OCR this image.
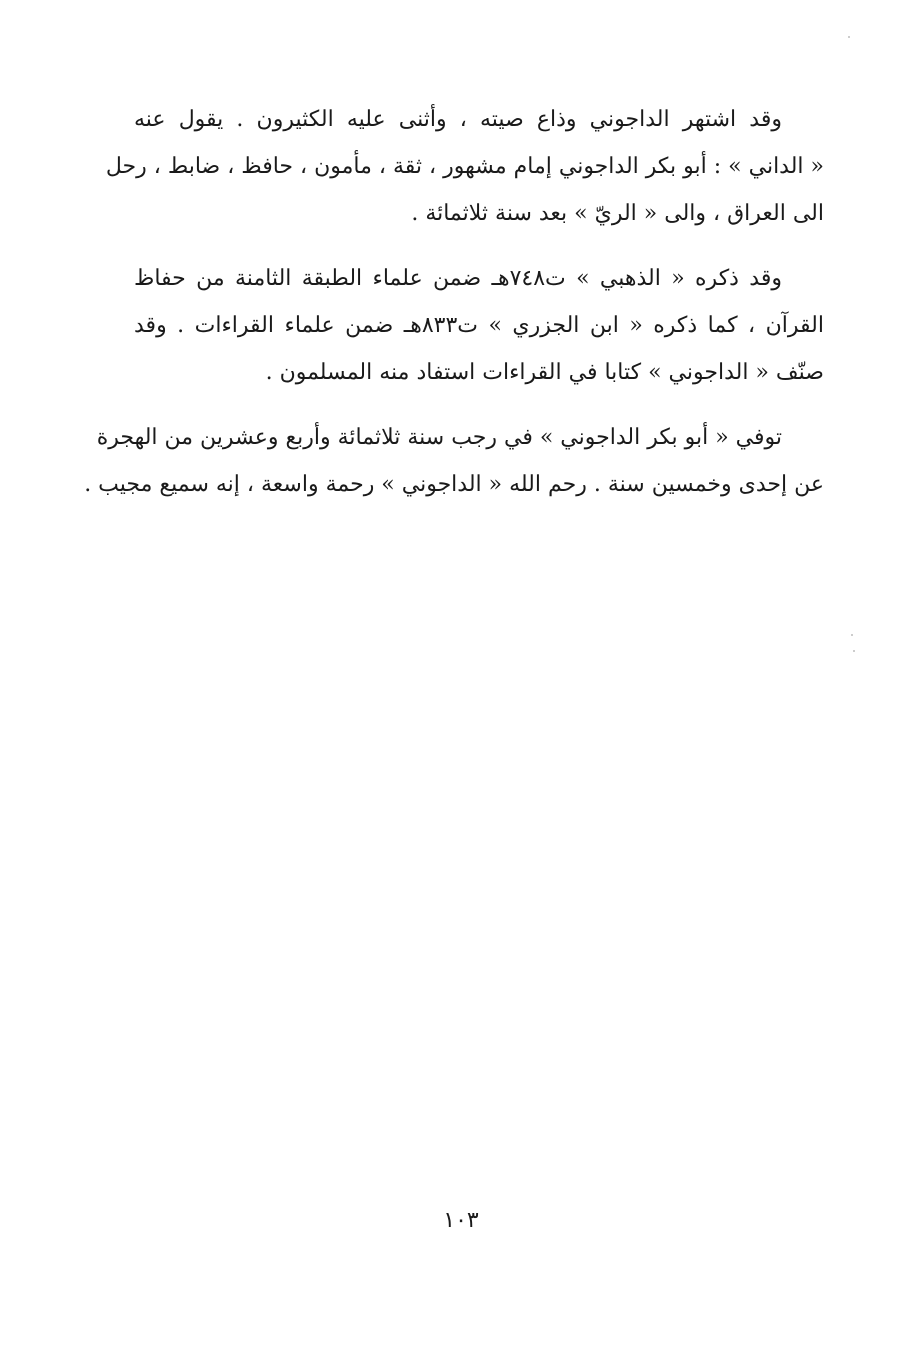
وقد اشتهر الداجوني وذاع صيته ، وأثنى عليه الكثيرون . يقول عنه
« الداني » : أبو بكر الداجوني إمام مشهور ، ثقة ، مأمون ، حافظ ، ضابط ، رحل
الى العراق ، والى « الريّ » بعد سنة ثلاثمائة .

وقد ذكره « الذهبي » ت٧٤٨هـ ضمن علماء الطبقة الثامنة من حفاظ
القرآن ، كما ذكره « ابن الجزري » ت٨٣٣هـ ضمن علماء القراءات . وقد
صنّف « الداجوني » كتابا في القراءات استفاد منه المسلمون .

توفي « أبو بكر الداجوني » في رجب سنة ثلاثمائة وأربع وعشرين من الهجرة
عن إحدى وخمسين سنة . رحم الله « الداجوني » رحمة واسعة ، إنه سميع مجيب .

١٠٣
